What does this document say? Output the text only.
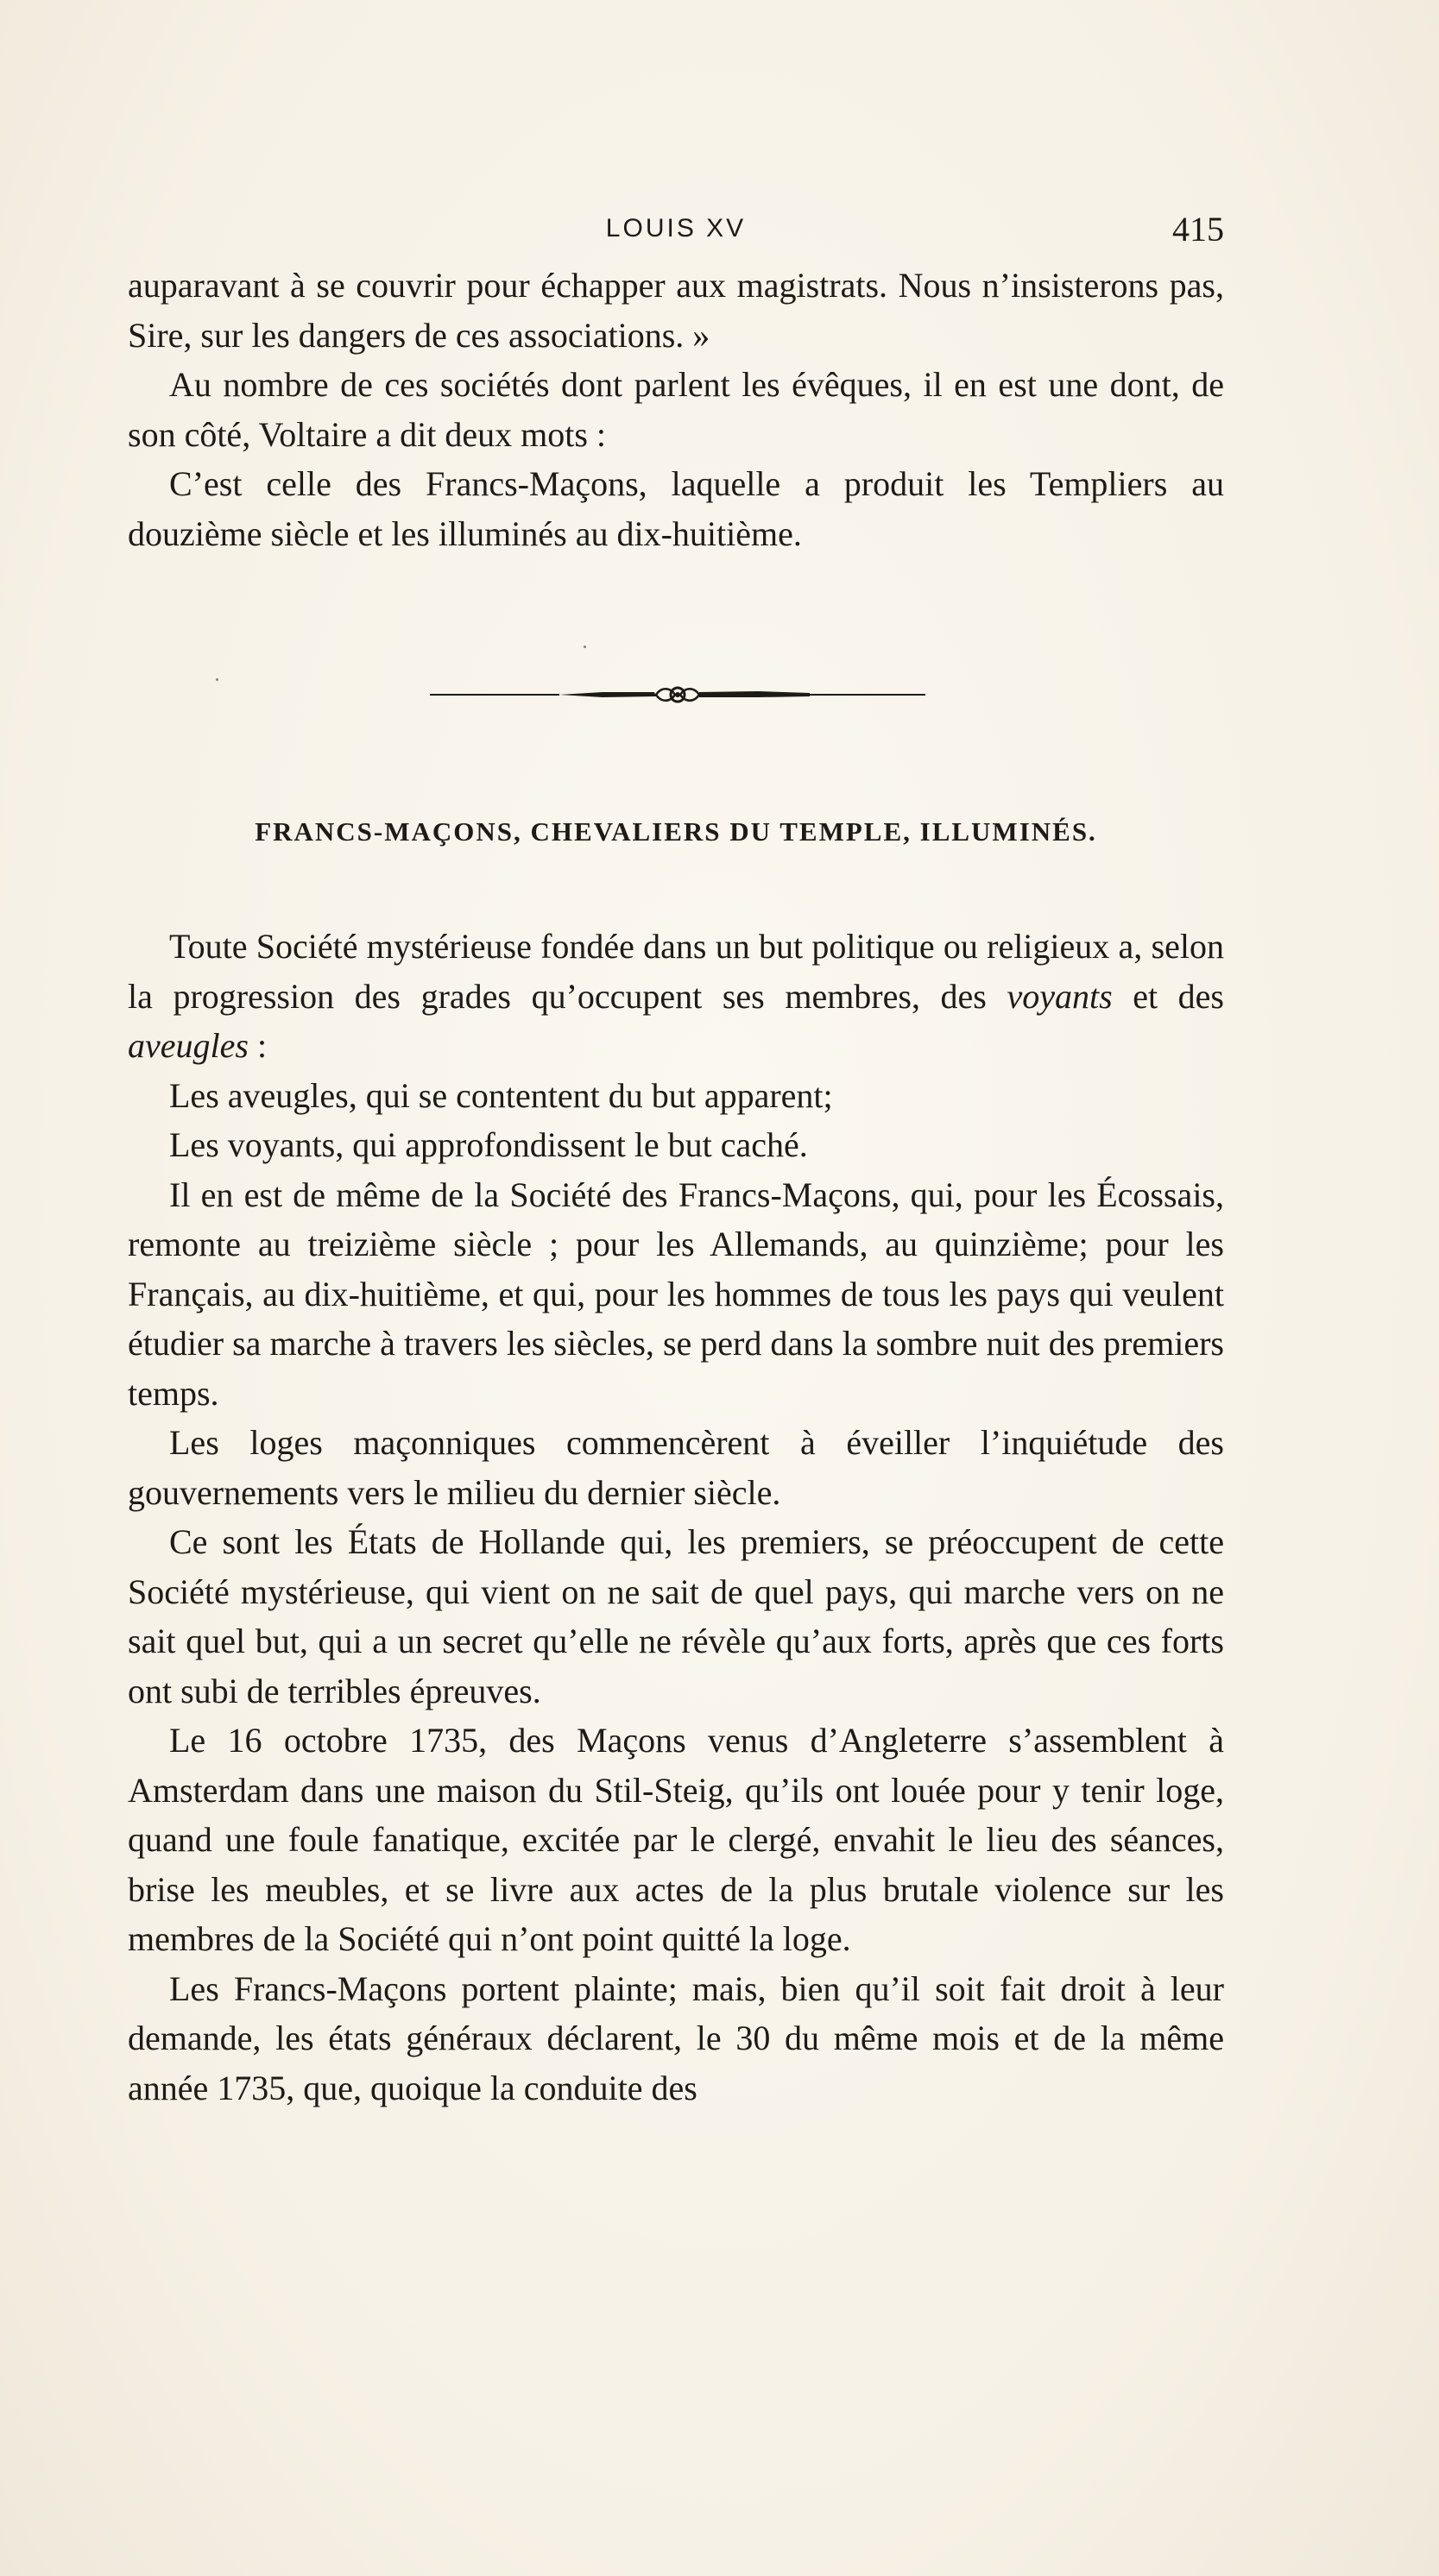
LOUIS XV	415

auparavant à se couvrir pour échapper aux magistrats. Nous n’insisterons pas, Sire, sur les dangers de ces associations. »

Au nombre de ces sociétés dont parlent les évêques, il en est une dont, de son côté, Voltaire a dit deux mots :

C’est celle des Francs-Maçons, laquelle a produit les Templiers au douzième siècle et les illuminés au dix-huitième.

FRANCS-MAÇONS, CHEVALIERS DU TEMPLE, ILLUMINÉS.

Toute Société mystérieuse fondée dans un but politique ou religieux a, selon la progression des grades qu’occupent ses membres, des voyants et des aveugles :

Les aveugles, qui se contentent du but apparent;

Les voyants, qui approfondissent le but caché.

Il en est de même de la Société des Francs-Maçons, qui, pour les Écossais, remonte au treizième siècle ; pour les Allemands, au quinzième; pour les Français, au dix-huitième, et qui, pour les hommes de tous les pays qui veulent étudier sa marche à travers les siècles, se perd dans la sombre nuit des premiers temps.

Les loges maçonniques commencèrent à éveiller l’inquiétude des gouvernements vers le milieu du dernier siècle.

Ce sont les États de Hollande qui, les premiers, se préoccupent de cette Société mystérieuse, qui vient on ne sait de quel pays, qui marche vers on ne sait quel but, qui a un secret qu’elle ne révèle qu’aux forts, après que ces forts ont subi de terribles épreuves.

Le 16 octobre 1735, des Maçons venus d’Angleterre s’assemblent à Amsterdam dans une maison du Stil-Steig, qu’ils ont louée pour y tenir loge, quand une foule fanatique, excitée par le clergé, envahit le lieu des séances, brise les meubles, et se livre aux actes de la plus brutale violence sur les membres de la Société qui n’ont point quitté la loge.

Les Francs-Maçons portent plainte; mais, bien qu’il soit fait droit à leur demande, les états généraux déclarent, le 30 du même mois et de la même année 1735, que, quoique la conduite des
